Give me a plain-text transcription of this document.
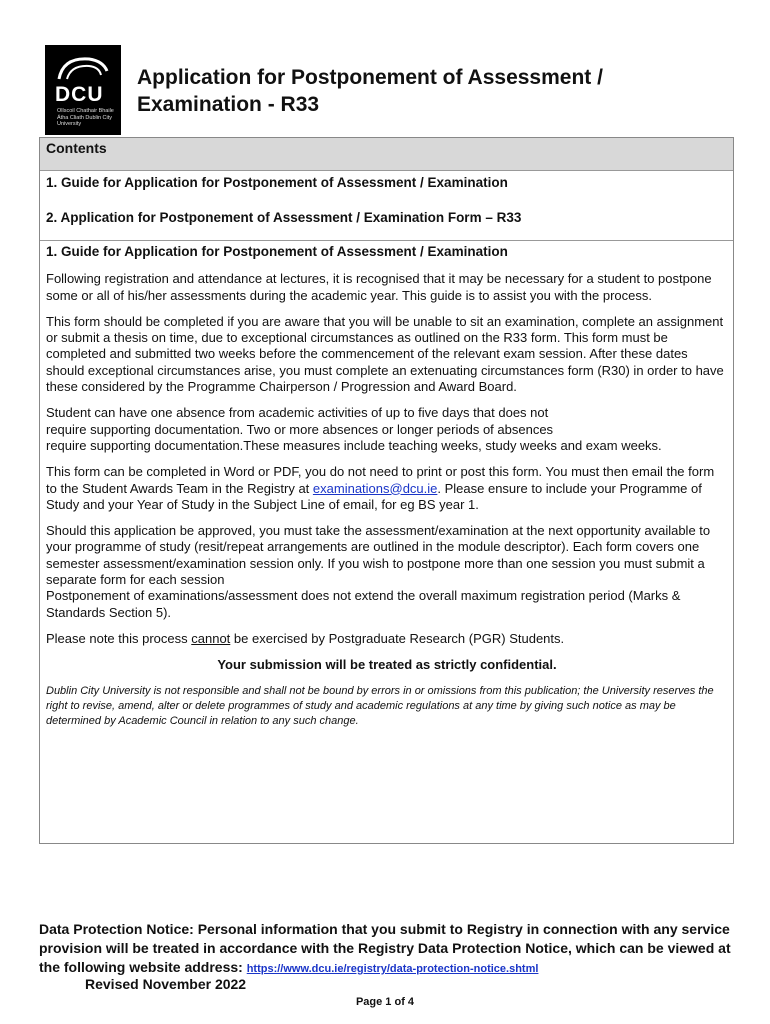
DCU
Ollscoil Chathair Bhaile Átha Cliath Dublin City University
Application for Postponement of Assessment / Examination - R33
Contents
1. Guide for Application for Postponement of Assessment / Examination
2. Application for Postponement of Assessment / Examination Form – R33
1. Guide for Application for Postponement of Assessment / Examination

Following registration and attendance at lectures, it is recognised that it may be necessary for a student to postpone some or all of his/her assessments during the academic year. This guide is to assist you with the process.

This form should be completed if you are aware that you will be unable to sit an examination, complete an assignment or submit a thesis on time, due to exceptional circumstances as outlined on the R33 form. This form must be completed and submitted two weeks before the commencement of the relevant exam session. After these dates should exceptional circumstances arise, you must complete an extenuating circumstances form (R30) in order to have these considered by the Programme Chairperson / Progression and Award Board.

Student can have one absence from academic activities of up to five days that does not
require supporting documentation. Two or more absences or longer periods of absences
require supporting documentation.These measures include teaching weeks, study weeks and exam weeks.

This form can be completed in Word or PDF, you do not need to print or post this form. You must then email the form to the Student Awards Team in the Registry at examinations@dcu.ie. Please ensure to include your Programme of Study and your Year of Study in the Subject Line of email, for eg BS year 1.

Should this application be approved, you must take the assessment/examination at the next opportunity available to your programme of study (resit/repeat arrangements are outlined in the module descriptor). Each form covers one semester assessment/examination session only. If you wish to postpone more than one session you must submit a separate form for each session
Postponement of examinations/assessment does not extend the overall maximum registration period (Marks & Standards Section 5).

Please note this process cannot be exercised by Postgraduate Research (PGR) Students.

Your submission will be treated as strictly confidential.

Dublin City University is not responsible and shall not be bound by errors in or omissions from this publication; the University reserves the right to revise, amend, alter or delete programmes of study and academic regulations at any time by giving such notice as may be determined by Academic Council in relation to any such change.

Data Protection Notice: Personal information that you submit to Registry in connection with any service provision will be treated in accordance with the Registry Data Protection Notice, which can be viewed at the following website address: https://www.dcu.ie/registry/data-protection-notice.shtml
Revised November 2022
Page 1 of 4
